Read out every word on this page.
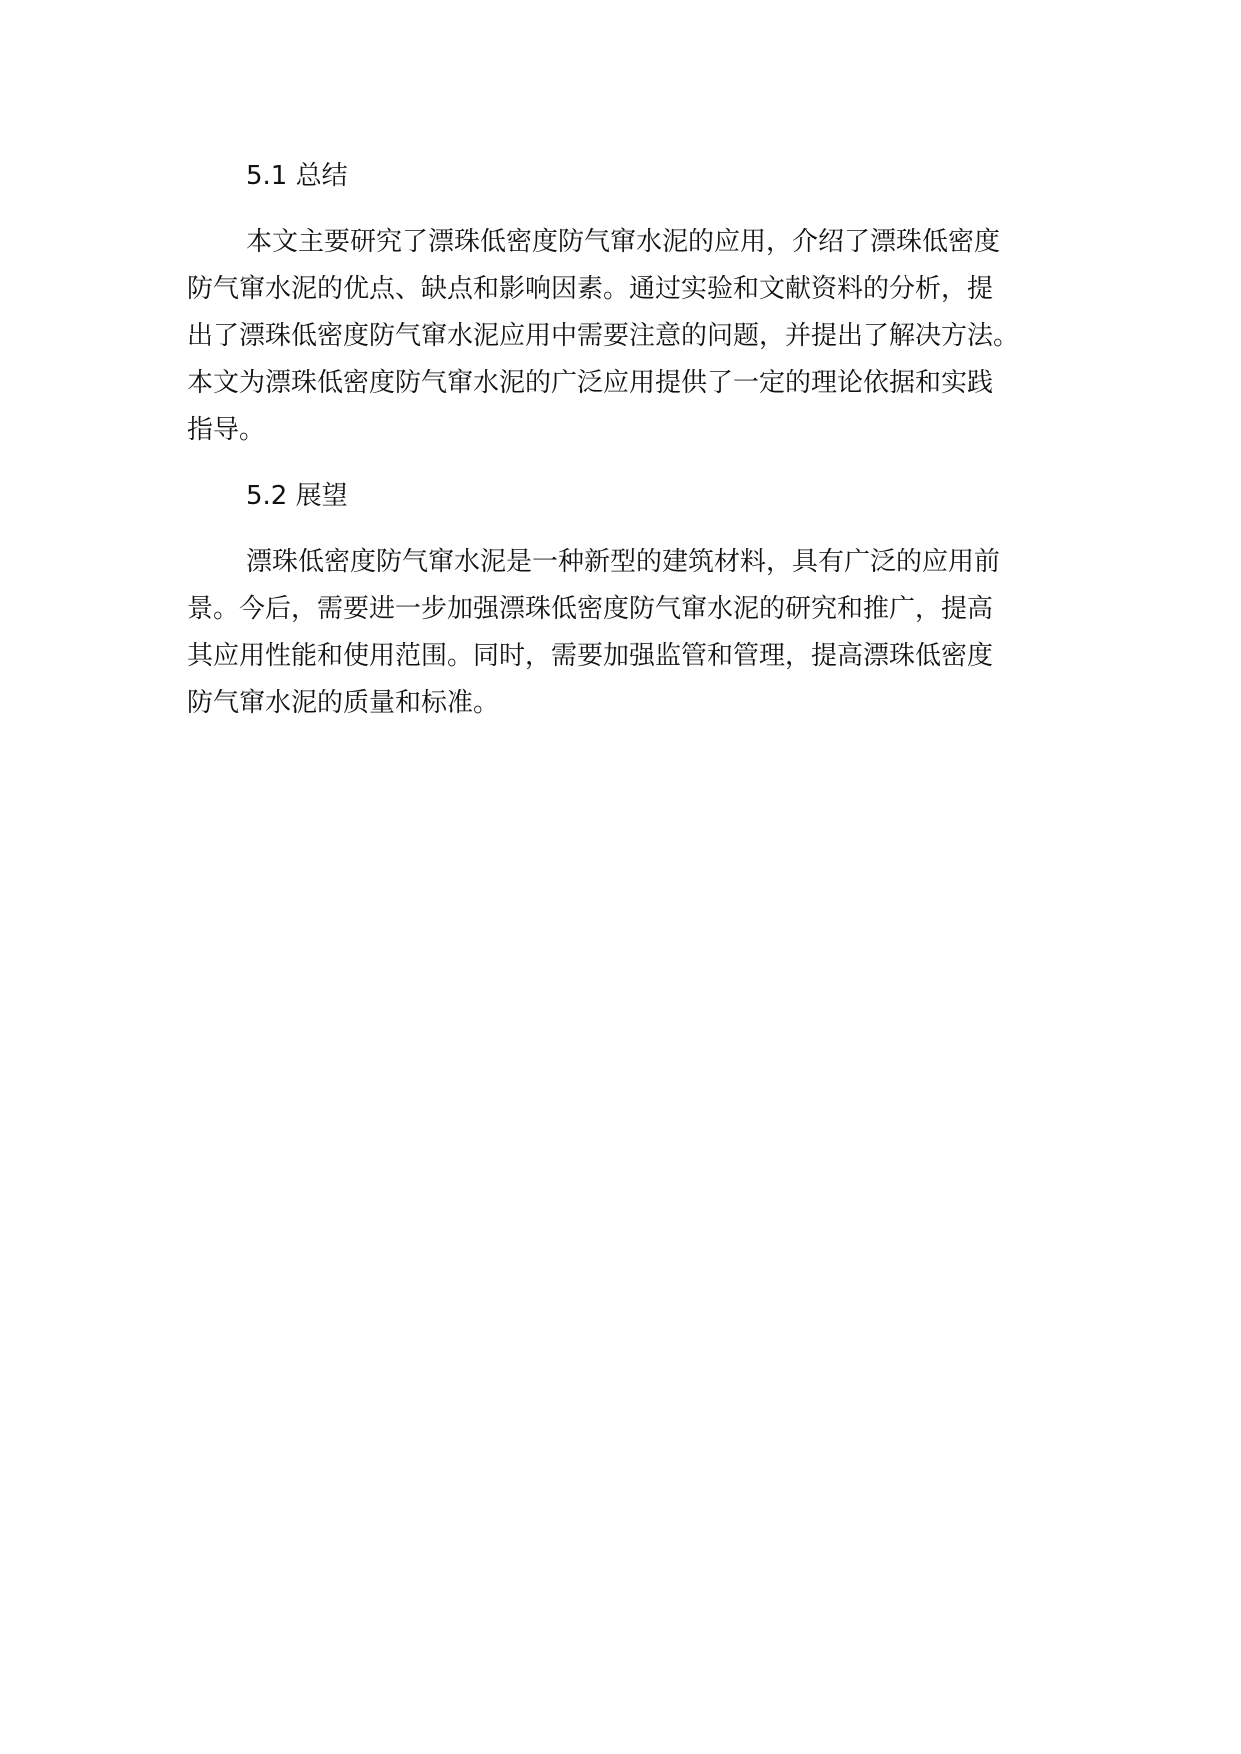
5.1 总结
本文主要研究了漂珠低密度防气窜水泥的应用，介绍了漂珠低密度
防气窜水泥的优点、缺点和影响因素。通过实验和文献资料的分析，提
出了漂珠低密度防气窜水泥应用中需要注意的问题，并提出了解决方法。
本文为漂珠低密度防气窜水泥的广泛应用提供了一定的理论依据和实践
指导。
5.2 展望
漂珠低密度防气窜水泥是一种新型的建筑材料，具有广泛的应用前
景。今后，需要进一步加强漂珠低密度防气窜水泥的研究和推广，提高
其应用性能和使用范围。同时，需要加强监管和管理，提高漂珠低密度
防气窜水泥的质量和标准。
